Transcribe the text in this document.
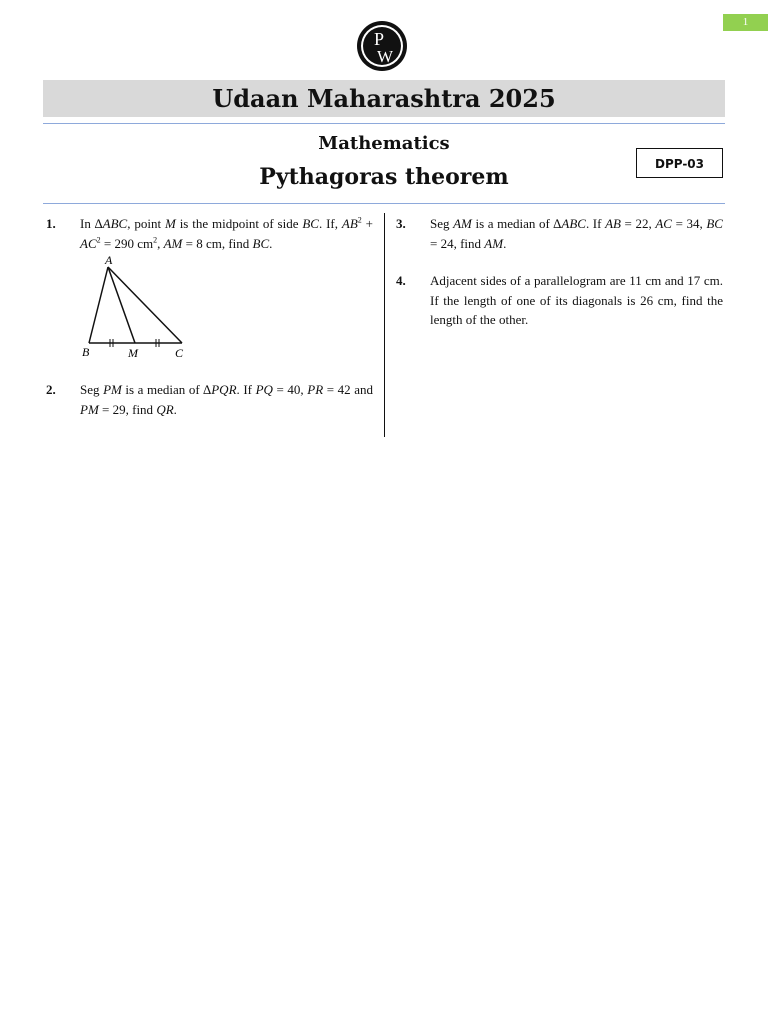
1
P
W
Udaan Maharashtra 2025
Mathematics
Pythagoras theorem	DPP-03
1. In ∆ABC, point M is the midpoint of side BC. If, $AB^2 + AC^2 = 290$ $cm^2$, AM = 8 cm, find BC.
A
B	M	C
2. Seg PM is a median of ∆PQR. If PQ = 40, PR = 42 and PM = 29, find QR.
3. Seg AM is a median of ∆ABC. If AB = 22, AC = 34, BC = 24, find AM.
4. Adjacent sides of a parallelogram are 11 cm and 17 cm. If the length of one of its diagonals is 26 cm, find the length of the other.
